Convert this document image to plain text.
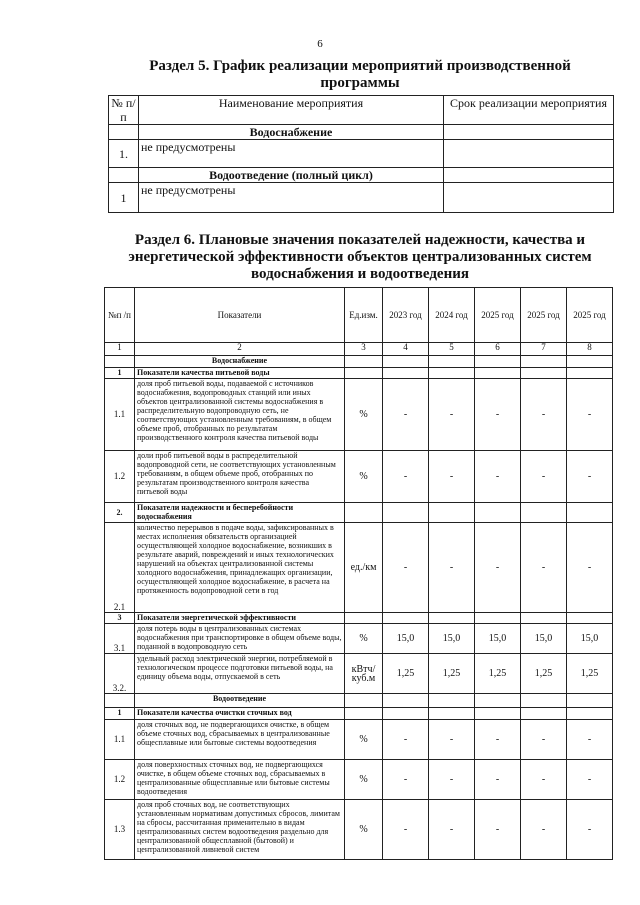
6
Раздел 5. График реализации мероприятий производственной
программы
№ п/п	Наименование мероприятия	Срок реализации мероприятия
	Водоснабжение	
1.	не предусмотрены	
	Водоотведение (полный цикл)	
1	не предусмотрены	
Раздел 6. Плановые значения показателей надежности, качества и
энергетической эффективности объектов централизованных систем
водоснабжения и водоотведения
№п /п	Показатели	Ед.изм.	2023 год	2024 год	2025 год	2025 год	2025 год
1	2	3	4	5	6	7	8
	Водоснабжение						
1	Показатели качества питьевой воды						
1.1	доля проб питьевой воды, подаваемой с источников водоснабжения, водопроводных станций или иных объектов централизованной системы водоснабжения в распределительную водопроводную сеть, не соответствующих установленным требованиям, в общем объеме проб, отобранных по результатам производственного контроля качества питьевой воды	%	-	-	-	-	-
1.2	доли проб питьевой воды в распределительной водопроводной сети, не соответствующих установленным требованиям, в общем объеме проб, отобранных по результатам производственного контроля качества питьевой воды	%	-	-	-	-	-
2.	Показатели надежности и бесперебойности водоснабжения						
2.1	количество перерывов в подаче воды, зафиксированных в местах исполнения обязательств организацией осуществляющей холодное водоснабжение, возникших в результате аварий, повреждений и иных технологических нарушений на объектах централизованной системы холодного водоснабжения, принадлежащих организации, осуществляющей холодное водоснабжение, в расчета на протяженность водопроводной сети в год	ед./км	-	-	-	-	-
3	Показатели энергетической эффективности						
3.1	доля потерь воды в централизованных системах водоснабжения при транспортировке в общем объеме воды, поданной в водопроводную сеть	%	15,0	15,0	15,0	15,0	15,0
3.2.	удельный расход электрической энергии, потребляемой в технологическом процессе подготовки питьевой воды, на единицу объема воды, отпускаемой в сеть	кВтч/ куб.м	1,25	1,25	1,25	1,25	1,25
	Водоотведение						
1	Показатели качества очистки сточных вод						
1.1	доля сточных вод, не подвергающихся очистке, в общем объеме сточных вод, сбрасываемых в централизованные общесплавные или бытовые системы водоотведения	%	-	-	-	-	-
1.2	доля поверхностных сточных вод, не подвергающихся очистке, в общем объеме сточных вод, сбрасываемых в централизованные общесплавные или бытовые системы водоотведения	%	-	-	-	-	-
1.3	доля проб сточных вод, не соответствующих установленным нормативам допустимых сбросов, лимитам на сбросы, рассчитанная применительно в видам централизованных систем водоотведения раздельно для централизованной общесплавной (бытовой) и централизованной ливневой систем	%	-	-	-	-	-
